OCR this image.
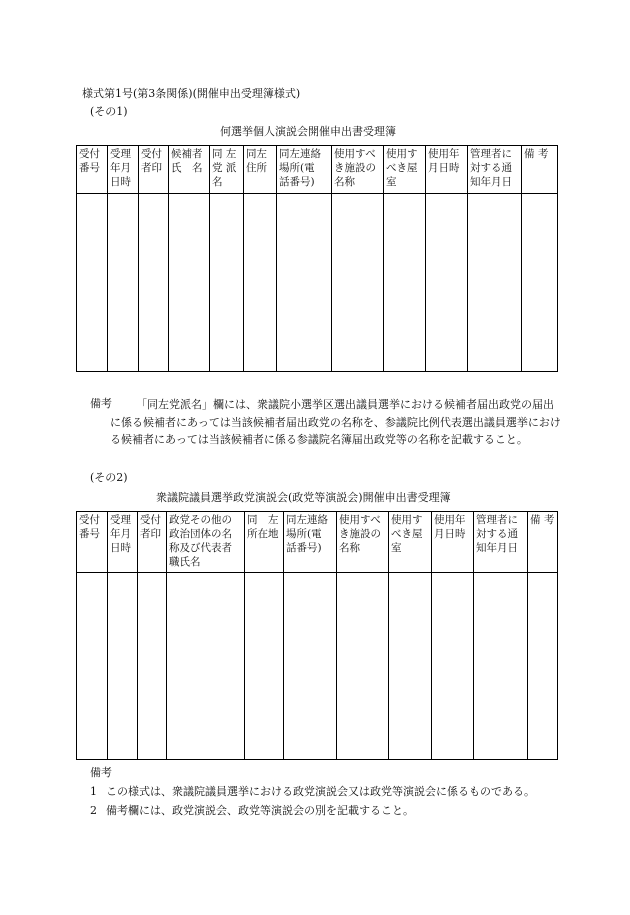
様式第1号(第3条関係)(開催申出受理簿様式)
(その1)
何選挙個人演説会開催申出書受理簿
受付
番号	受理
年月
日時	受付
者印	候補者
氏　名	同 左
党 派
名	同左
住所	同左連絡
場所(電
話番号)	使用すべ
き施設の
名称	使用す
べき屋
室	使用年
月日時	管理者に
対する通
知年月日	備 考

備考	「同左党派名」欄には、衆議院小選挙区選出議員選挙における候補者届出政党の届出に係る候補者にあっては当該候補者届出政党の名称を、参議院比例代表選出議員選挙における候補者にあっては当該候補者に係る参議院名簿届出政党等の名称を記載すること。
(その2)
衆議院議員選挙政党演説会(政党等演説会)開催申出書受理簿
受付
番号	受理
年月
日時	受付
者印	政党その他の
政治団体の名
称及び代表者
職氏名	同　左
所在地	同左連絡
場所(電
話番号)	使用すべ
き施設の
名称	使用す
べき屋
室	使用年
月日時	管理者に
対する通
知年月日	備 考

備考
1 この様式は、衆議院議員選挙における政党演説会又は政党等演説会に係るものである。
2 備考欄には、政党演説会、政党等演説会の別を記載すること。
